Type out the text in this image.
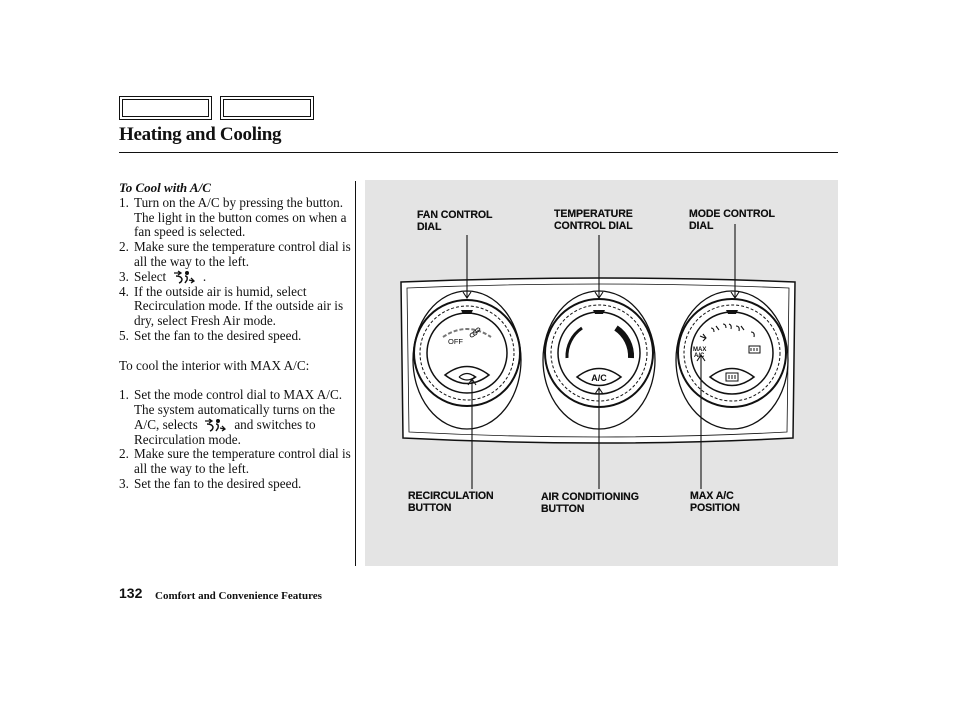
Heating and Cooling

To Cool with A/C

1. Turn on the A/C by pressing the button. The light in the button comes on when a fan speed is selected.
2. Make sure the temperature control dial is all the way to the left.
3. Select	.
4. If the outside air is humid, select Recirculation mode. If the outside air is dry, select Fresh Air mode.
5. Set the fan to the desired speed.

To cool the interior with MAX A/C:

1. Set the mode control dial to MAX A/C.
The system automatically turns on the A/C, selects	and switches to Recirculation mode.
2. Make sure the temperature control dial is all the way to the left.
3. Set the fan to the desired speed.
OFF
A/C
MAX A/C
FAN CONTROL
DIAL
TEMPERATURE
CONTROL DIAL
MODE CONTROL
DIAL
RECIRCULATION
BUTTON
AIR CONDITIONING
BUTTON
MAX A/C
POSITION
132 Comfort and Convenience Features
